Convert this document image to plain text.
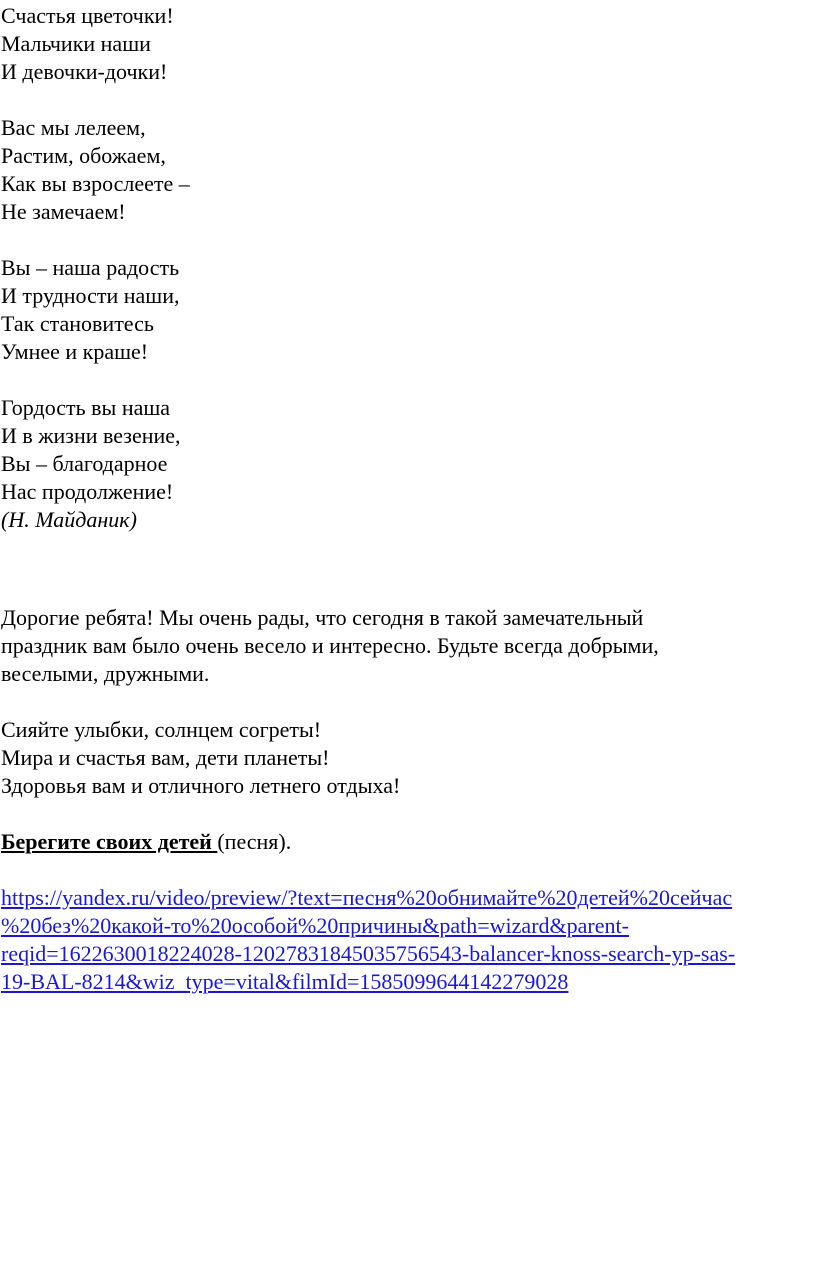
Счастья цветочки!
Мальчики наши
И девочки-дочки!
Вас мы лелеем,
Растим, обожаем,
Как вы взрослеете –
Не замечаем!
Вы – наша радость
И трудности наши,
Так становитесь
Умнее и краше!
Гордость вы наша
И в жизни везение,
Вы – благодарное
Нас продолжение!
(Н. Майданик)
Дорогие ребята! Мы очень рады, что сегодня в такой замечательный
праздник вам было очень весело и интересно. Будьте всегда добрыми,
веселыми, дружными.
Сияйте улыбки, солнцем согреты!
Мира и счастья вам, дети планеты!
Здоровья вам и отличного летнего отдыха!
Берегите своих детей (песня).
https://yandex.ru/video/preview/?text=песня%20обнимайте%20детей%20сейчас
%20без%20какой-то%20особой%20причины&path=wizard&parent-
reqid=1622630018224028-12027831845035756543-balancer-knoss-search-yp-sas-
19-BAL-8214&wiz_type=vital&filmId=1585099644142279028
